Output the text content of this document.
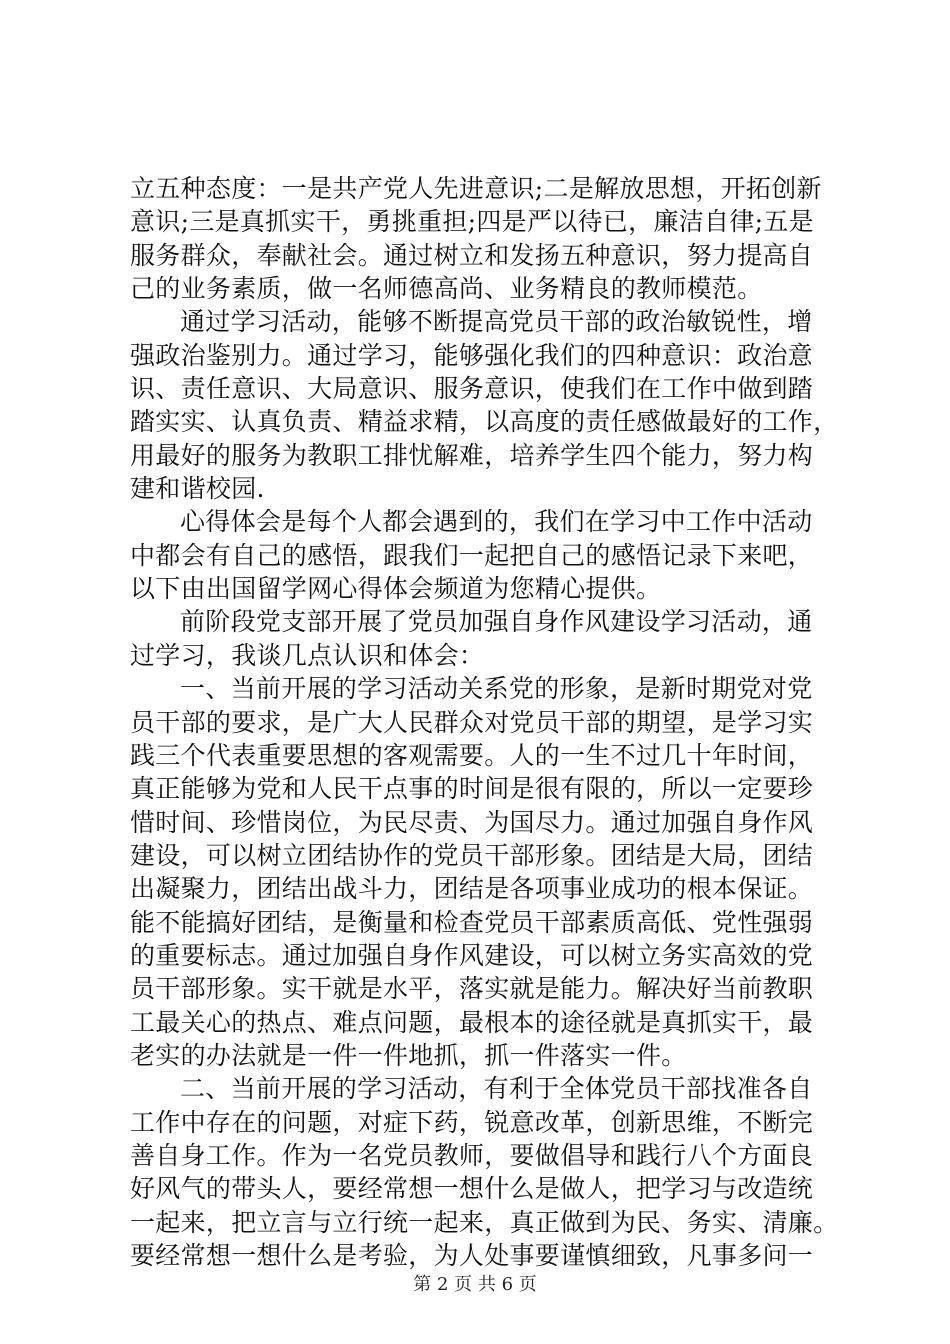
立五种态度：一是共产党人先进意识;二是解放思想，开拓创新
意识;三是真抓实干，勇挑重担;四是严以待已，廉洁自律;五是
服务群众，奉献社会。通过树立和发扬五种意识，努力提高自
己的业务素质，做一名师德高尚、业务精良的教师模范。
通过学习活动，能够不断提高党员干部的政治敏锐性，增
强政治鉴别力。通过学习，能够强化我们的四种意识：政治意
识、责任意识、大局意识、服务意识，使我们在工作中做到踏
踏实实、认真负责、精益求精，以高度的责任感做最好的工作，
用最好的服务为教职工排忧解难，培养学生四个能力，努力构
建和谐校园.
心得体会是每个人都会遇到的，我们在学习中工作中活动
中都会有自己的感悟，跟我们一起把自己的感悟记录下来吧，
以下由出国留学网心得体会频道为您精心提供。
前阶段党支部开展了党员加强自身作风建设学习活动，通
过学习，我谈几点认识和体会：
一、当前开展的学习活动关系党的形象，是新时期党对党
员干部的要求，是广大人民群众对党员干部的期望，是学习实
践三个代表重要思想的客观需要。人的一生不过几十年时间，
真正能够为党和人民干点事的时间是很有限的，所以一定要珍
惜时间、珍惜岗位，为民尽责、为国尽力。通过加强自身作风
建设，可以树立团结协作的党员干部形象。团结是大局，团结
出凝聚力，团结出战斗力，团结是各项事业成功的根本保证。
能不能搞好团结，是衡量和检查党员干部素质高低、党性强弱
的重要标志。通过加强自身作风建设，可以树立务实高效的党
员干部形象。实干就是水平，落实就是能力。解决好当前教职
工最关心的热点、难点问题，最根本的途径就是真抓实干，最
老实的办法就是一件一件地抓，抓一件落实一件。
二、当前开展的学习活动，有利于全体党员干部找准各自
工作中存在的问题，对症下药，锐意改革，创新思维，不断完
善自身工作。作为一名党员教师，要做倡导和践行八个方面良
好风气的带头人，要经常想一想什么是做人，把学习与改造统
一起来，把立言与立行统一起来，真正做到为民、务实、清廉。
要经常想一想什么是考验，为人处事要谨慎细致，凡事多问一
第 2 页 共 6 页
